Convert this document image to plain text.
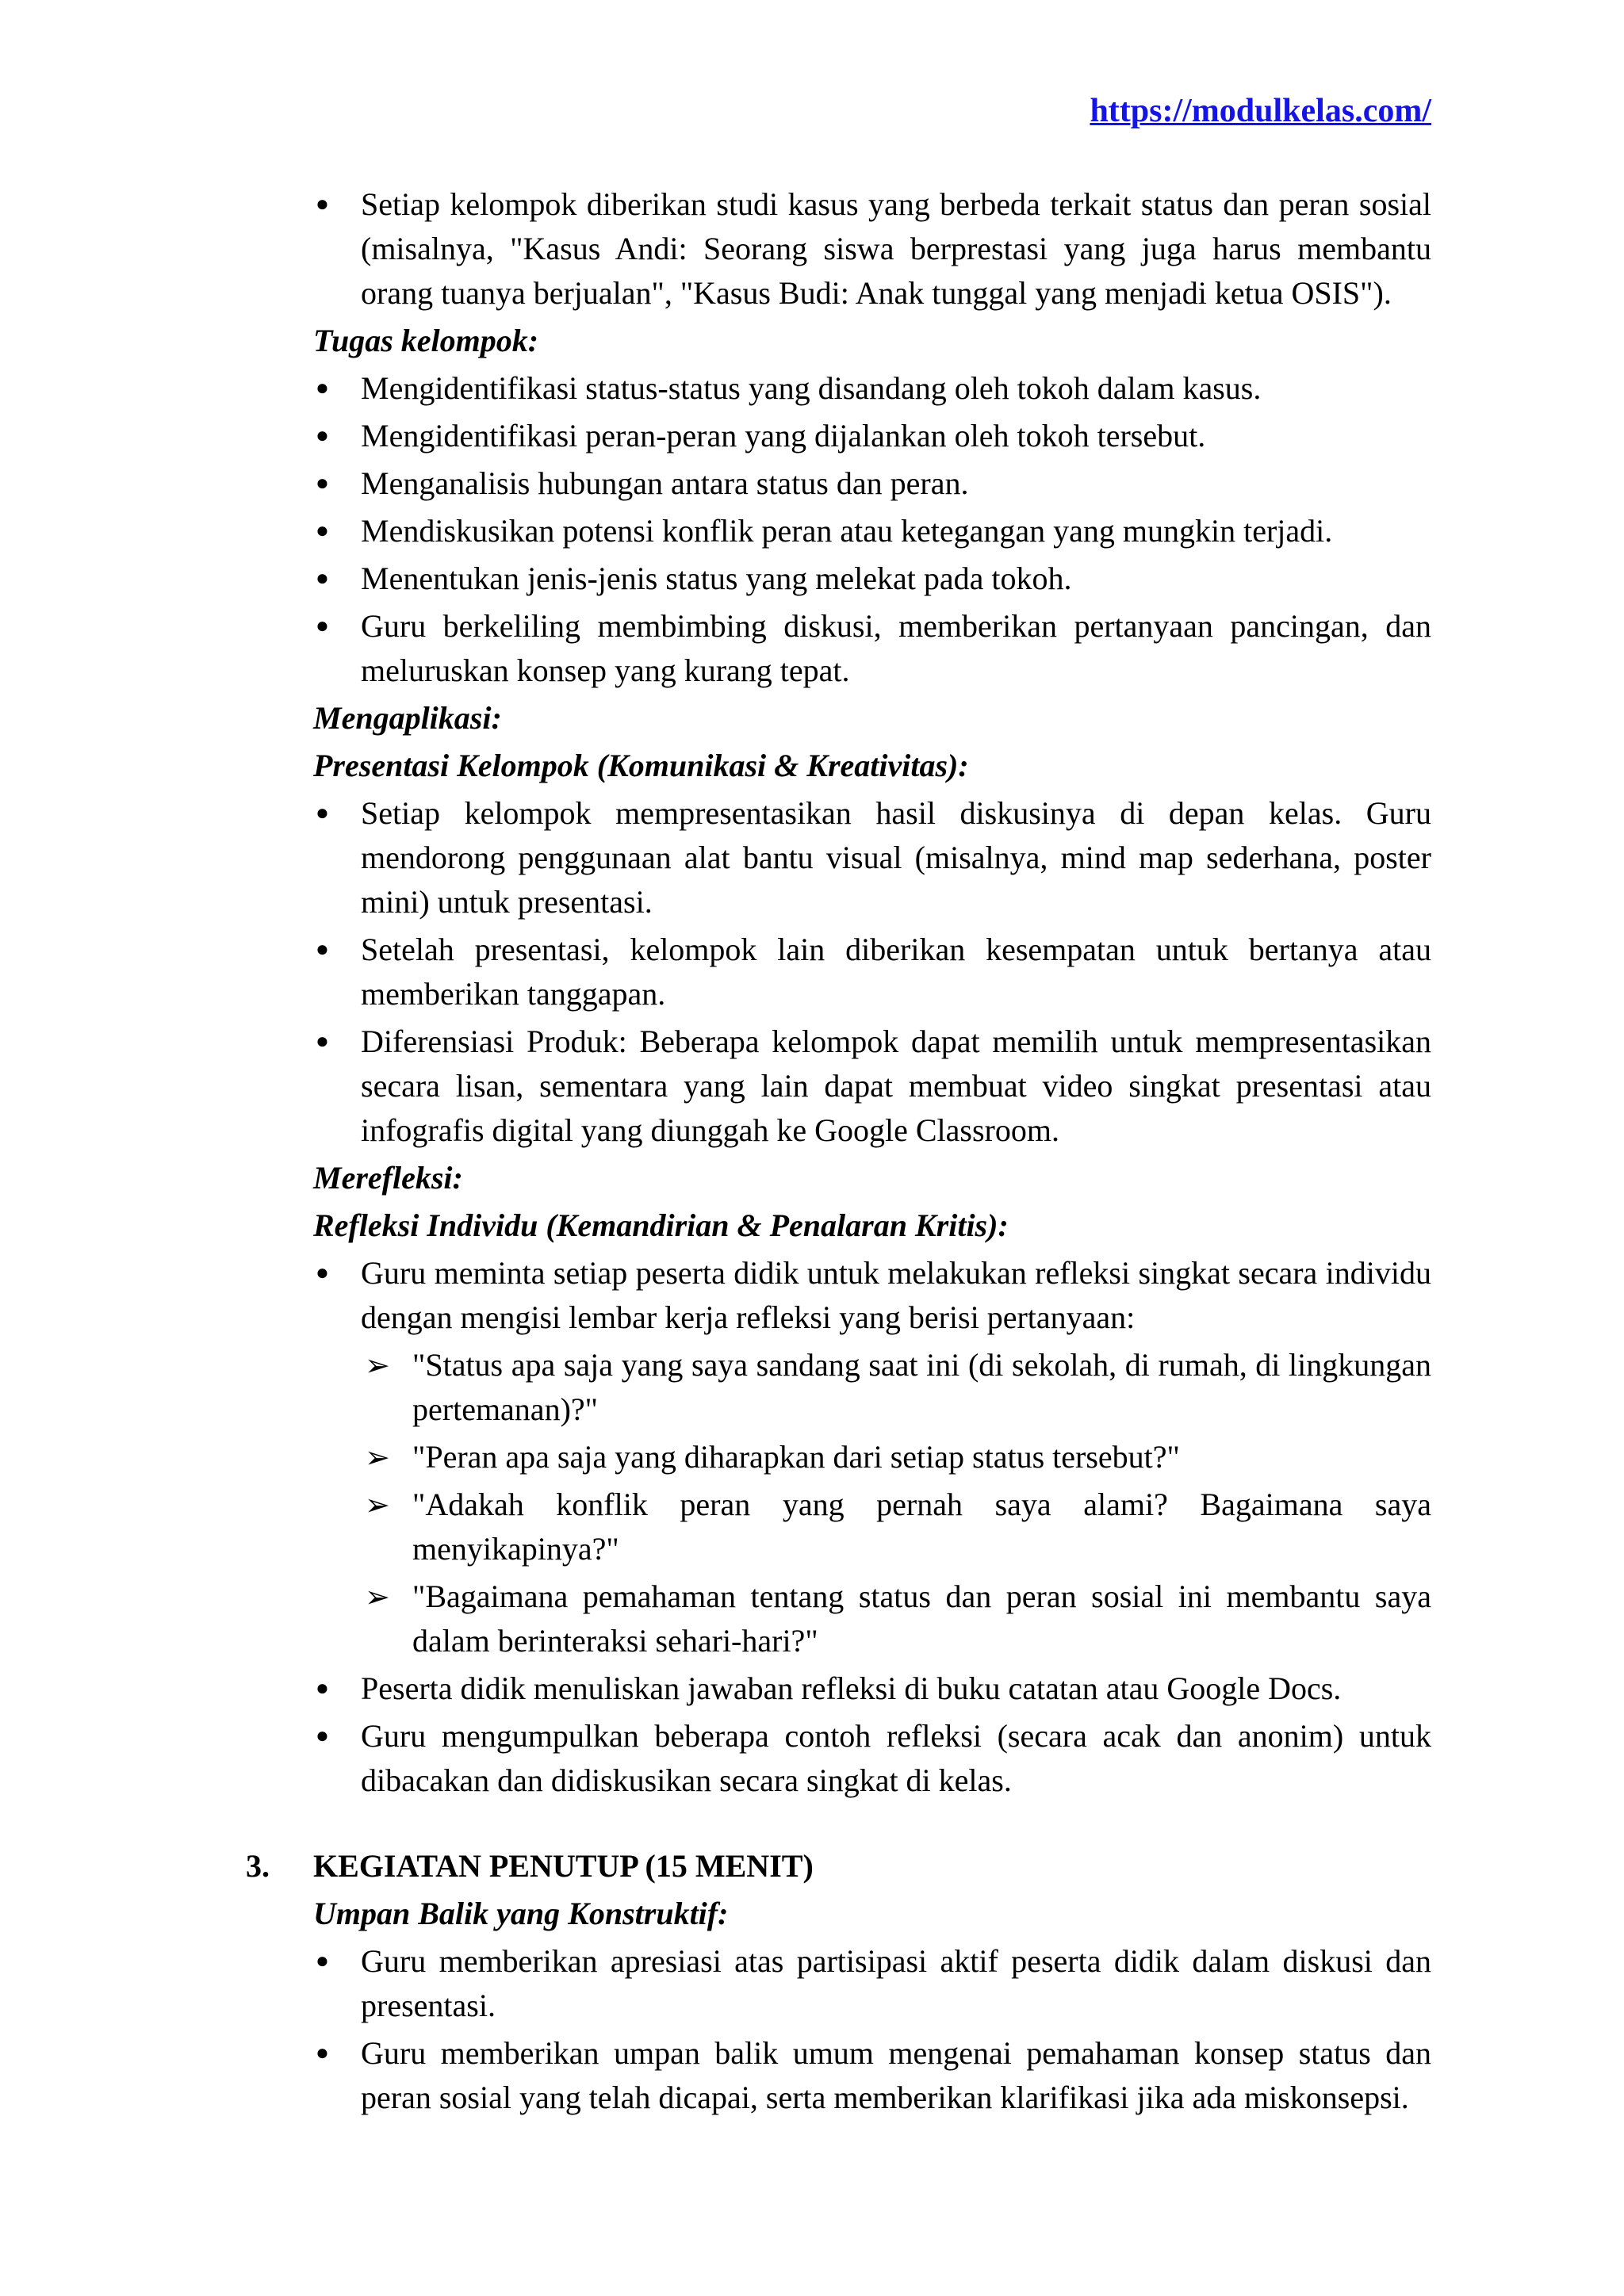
https://modulkelas.com/
● Setiap kelompok diberikan studi kasus yang berbeda terkait status dan peran sosial (misalnya, "Kasus Andi: Seorang siswa berprestasi yang juga harus membantu orang tuanya berjualan", "Kasus Budi: Anak tunggal yang menjadi ketua OSIS").
Tugas kelompok:
● Mengidentifikasi status-status yang disandang oleh tokoh dalam kasus.
● Mengidentifikasi peran-peran yang dijalankan oleh tokoh tersebut.
● Menganalisis hubungan antara status dan peran.
● Mendiskusikan potensi konflik peran atau ketegangan yang mungkin terjadi.
● Menentukan jenis-jenis status yang melekat pada tokoh.
● Guru berkeliling membimbing diskusi, memberikan pertanyaan pancingan, dan meluruskan konsep yang kurang tepat.
Mengaplikasi:
Presentasi Kelompok (Komunikasi & Kreativitas):
● Setiap kelompok mempresentasikan hasil diskusinya di depan kelas. Guru mendorong penggunaan alat bantu visual (misalnya, mind map sederhana, poster mini) untuk presentasi.
● Setelah presentasi, kelompok lain diberikan kesempatan untuk bertanya atau memberikan tanggapan.
● Diferensiasi Produk: Beberapa kelompok dapat memilih untuk mempresentasikan secara lisan, sementara yang lain dapat membuat video singkat presentasi atau infografis digital yang diunggah ke Google Classroom.
Merefleksi:
Refleksi Individu (Kemandirian & Penalaran Kritis):
● Guru meminta setiap peserta didik untuk melakukan refleksi singkat secara individu dengan mengisi lembar kerja refleksi yang berisi pertanyaan:
➢ "Status apa saja yang saya sandang saat ini (di sekolah, di rumah, di lingkungan pertemanan)?"
➢ "Peran apa saja yang diharapkan dari setiap status tersebut?"
➢ "Adakah konflik peran yang pernah saya alami? Bagaimana saya menyikapinya?"
➢ "Bagaimana pemahaman tentang status dan peran sosial ini membantu saya dalam berinteraksi sehari-hari?"
● Peserta didik menuliskan jawaban refleksi di buku catatan atau Google Docs.
● Guru mengumpulkan beberapa contoh refleksi (secara acak dan anonim) untuk dibacakan dan didiskusikan secara singkat di kelas.
3. KEGIATAN PENUTUP (15 MENIT)
Umpan Balik yang Konstruktif:
● Guru memberikan apresiasi atas partisipasi aktif peserta didik dalam diskusi dan presentasi.
● Guru memberikan umpan balik umum mengenai pemahaman konsep status dan peran sosial yang telah dicapai, serta memberikan klarifikasi jika ada miskonsepsi.
